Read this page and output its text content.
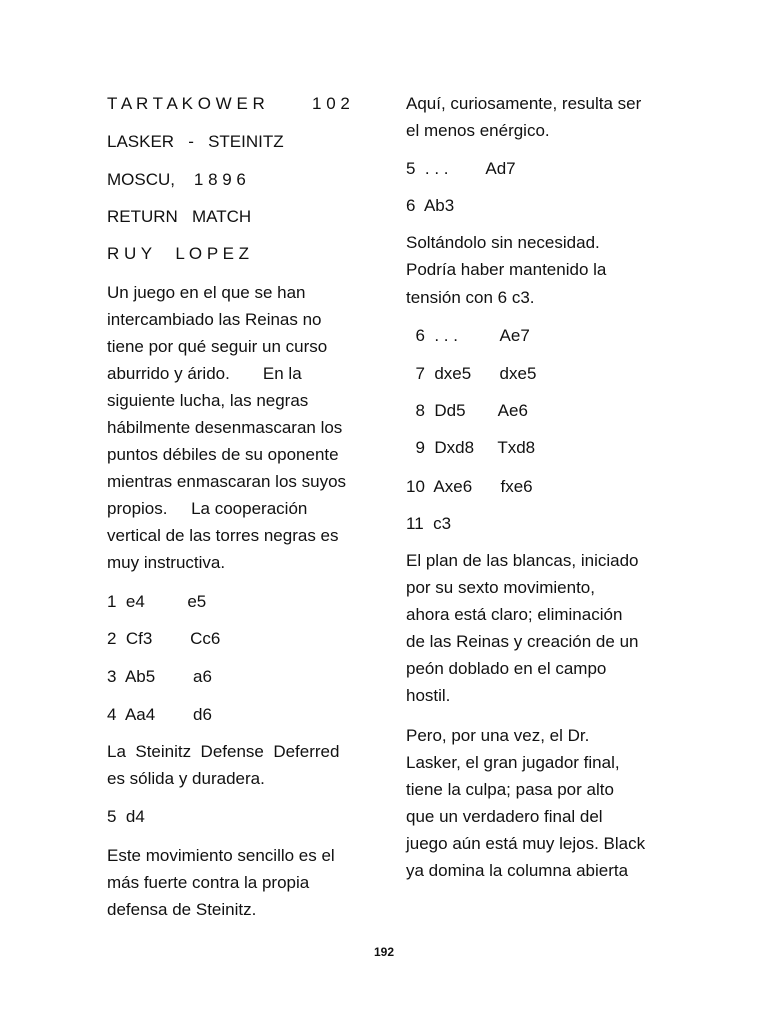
T A R T A K O W E R          1 0 2
LASKER   -   STEINITZ
MOSCU,    1 8 9 6
RETURN   MATCH
R U Y     L O P E Z
Un juego en el que se han
intercambiado las Reinas no
tiene por qué seguir un curso
aburrido y árido.       En la
siguiente lucha, las negras
hábilmente desenmascaran los
puntos débiles de su oponente
mientras enmascaran los suyos
propios.     La cooperación
vertical de las torres negras es
muy instructiva.
1  e4         e5
2  Cf3        Cc6
3  Ab5        a6
4  Aa4        d6
La  Steinitz  Defense  Deferred
es sólida y duradera.
5  d4
Este movimiento sencillo es el
más fuerte contra la propia
defensa de Steinitz.
Aquí, curiosamente, resulta ser
el menos enérgico.
5  . . .        Ad7
6  Ab3
Soltándolo sin necesidad.
Podría haber mantenido la
tensión con 6 c3.
6  . . .         Ae7
7  dxe5      dxe5
8  Dd5       Ae6
9  Dxd8     Txd8
10  Axe6      fxe6
11  c3
El plan de las blancas, iniciado
por su sexto movimiento,
ahora está claro; eliminación
de las Reinas y creación de un
peón doblado en el campo
hostil.
Pero, por una vez, el Dr.
Lasker, el gran jugador final,
tiene la culpa; pasa por alto
que un verdadero final del
juego aún está muy lejos. Black
ya domina la columna abierta
192
